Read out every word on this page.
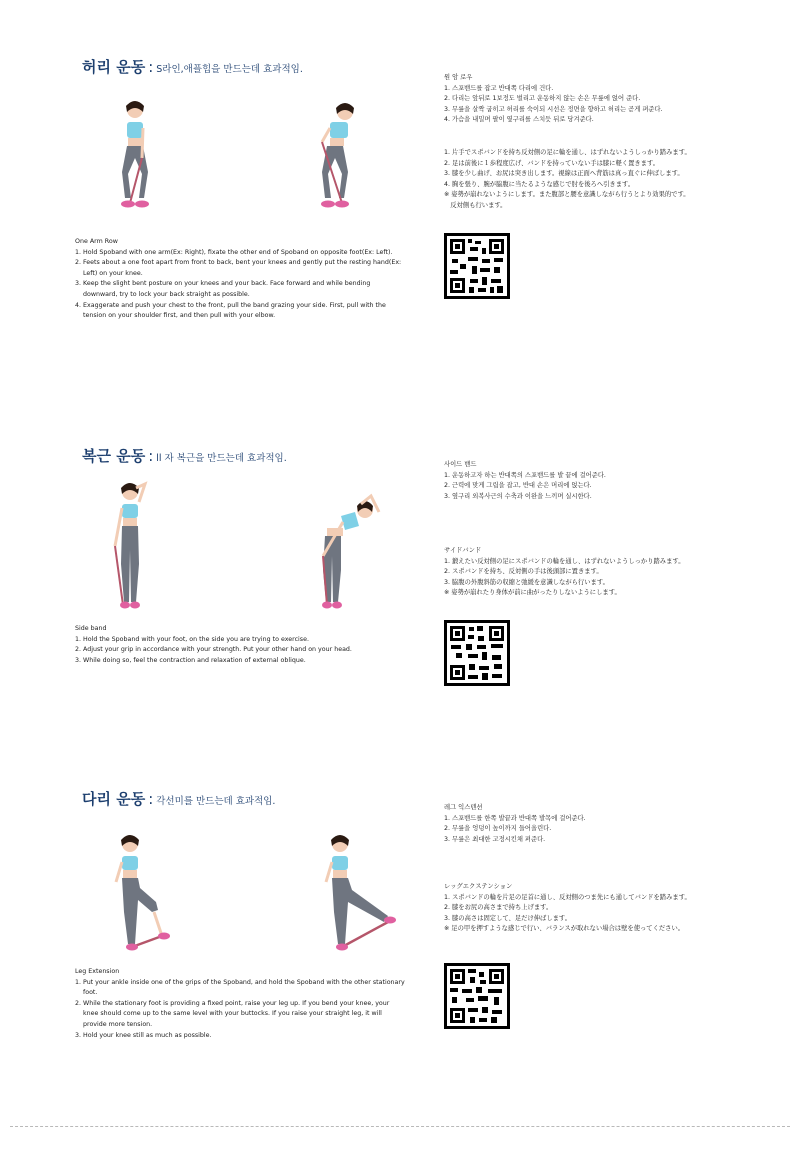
허리 운동 : S라인,애플힙을 만드는데 효과적임.
One Arm Row
1. Hold Spoband with one arm(Ex: Right), fixate the other end of Spoband on opposite foot(Ex: Left).
2. Feets about a one foot apart from front to back, bent your knees and gently put the resting hand(Ex: Left) on your knee.
3. Keep the slight bent posture on your knees and your back. Face forward and while bending downward, try to lock your back straight as possible.
4. Exaggerate and push your chest to the front, pull the band grazing your side. First, pull with the tension on your shoulder first, and then pull with your elbow.
원 암 로우
1. 스포밴드를 잡고 반대쪽 다리에 건다.
2. 다리는 앞뒤로 1보정도 벌리고 운동하지 않는 손은 무릎에 얹어 준다.
3. 무릎을 살짝 굽히고 허리를 숙이되 시선은 정면을 향하고 허리는 곧게 펴준다.
4. 가슴을 내밀며 팔이 옆구리를 스치듯 뒤로 당겨준다.
1. 片手でスポバンドを持ち反対側の足に輪を通し、はずれないようしっかり踏みます。
2. 足は前後に１歩程度広げ、バンドを持っていない手は膝に軽く置きます。
3. 膝を少し曲げ、お尻は突き出します。視線は正面へ背筋は真っ直ぐに伸ばします。
4. 胸を張り、腕が脇腹に当たるような感じで肘を後ろへ引きます。
※ 姿勢が崩れないようにします。また腹部と腰を意識しながら行うとより効果的です。
　反対側も行います。
복근 운동 : ll 자 복근을 만드는데 효과적임.
Side band
1. Hold the Spoband with your foot, on the side you are trying to exercise.
2. Adjust your grip in accordance with your strength. Put your other hand on your head.
3. While doing so, feel the contraction and relaxation of external oblique.
사이드 밴드
1. 운동하고자 하는 반대쪽의 스포밴드를 발 끝에 걸어준다.
2. 근력에 맞게 그립을 잡고, 반대 손은 머리에 얹는다.
3. 옆구리 외복사근의 수축과 이완을 느끼며 실시한다.
サイドバンド
1. 鍛えたい反対側の足にスポバンドの輪を通し、はずれないようしっかり踏みます。
2. スポバンドを持ち、反対側の手は後頭部に置きます。
3. 脇腹の外腹斜筋の収縮と弛緩を意識しながら行います。
※ 姿勢が崩れたり身体が前に曲がったりしないようにします。
다리 운동 : 각선미를 만드는데 효과적임.
Leg Extension
1. Put your ankle inside one of the grips of the Spoband, and hold the Spoband with the other stationary foot.
2. While the stationary foot is providing a fixed point, raise your leg up. If you bend your knee, your knee should come up to the same level with your buttocks. If you raise your straight leg, it will provide more tension.
3. Hold your knee still as much as possible.
레그 익스텐션
1. 스포밴드를 한쪽 발끝과 반대쪽 발목에 걸어준다.
2. 무릎을 엉덩이 높이까지 들어올린다.
3. 무릎은 최대한 고정시킨채 펴준다.
レッグエクステンション
1. スポバンドの輪を片足の足首に通し、反対側のつま先にも通してバンドを踏みます。
2. 膝をお尻の高さまで持ち上げます。
3. 膝の高さは固定して、足だけ伸ばします。
※ 足の甲を押すような感じで行い、バランスが取れない場合は壁を使ってください。
